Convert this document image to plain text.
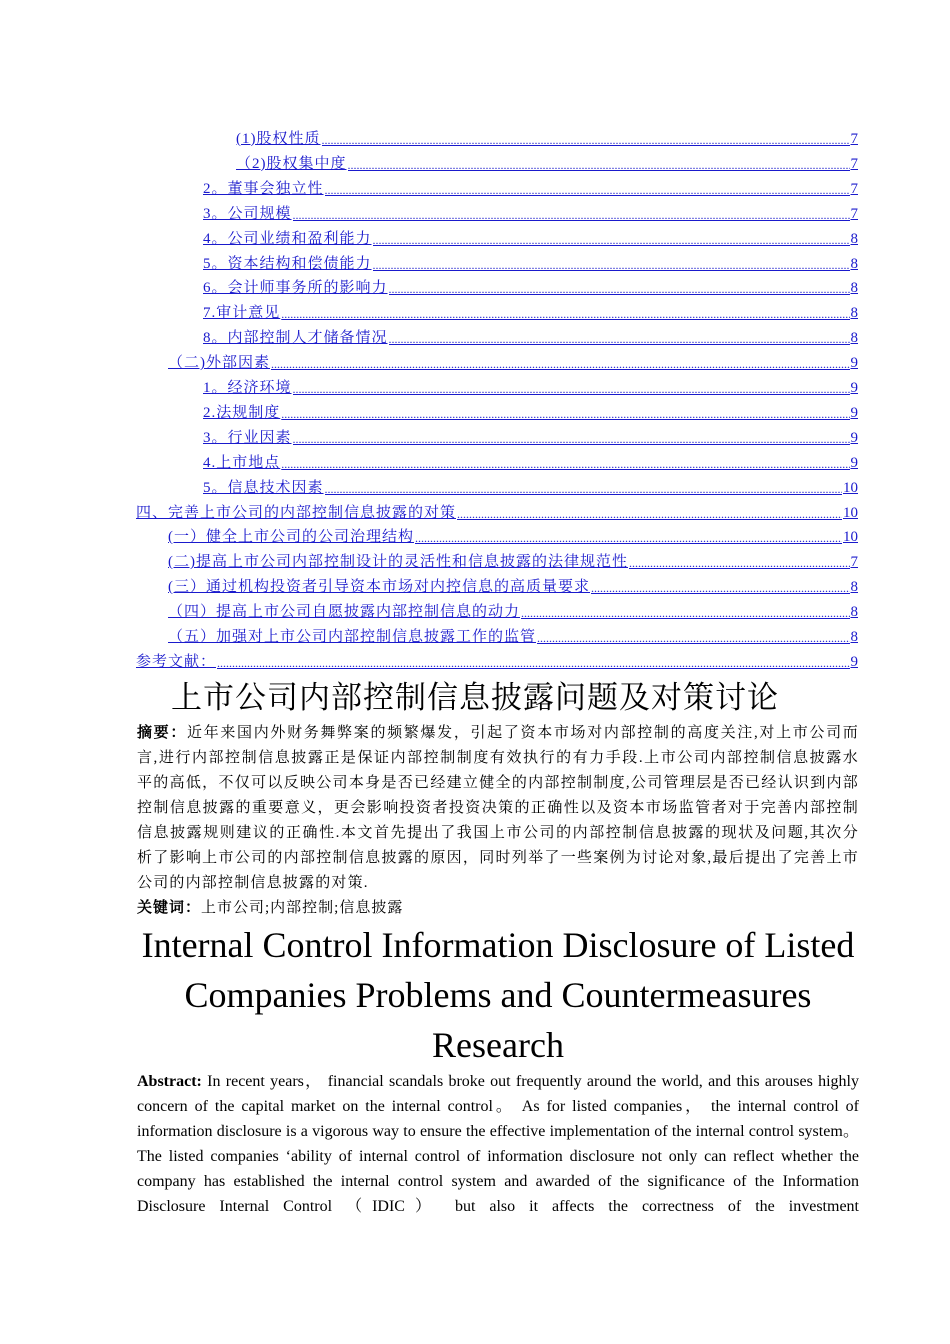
(1)股权性质 .....	7
（2)股权集中度 .....	7
2。董事会独立性 .....	7
3。公司规模 .....	7
4。公司业绩和盈利能力 .....	8
5。资本结构和偿债能力 .....	8
6。会计师事务所的影响力 .....	8
7.审计意见 .....	8
8。内部控制人才储备情况 .....	8
（二)外部因素 .....	9
1。经济环境 .....	9
2.法规制度 .....	9
3。行业因素 .....	9
4.上市地点 .....	9
5。信息技术因素 .....	10
四、完善上市公司的内部控制信息披露的对策 .....	10
(一）健全上市公司的公司治理结构 .....	10
(二)提高上市公司内部控制设计的灵活性和信息披露的法律规范性 .....	7
(三）通过机构投资者引导资本市场对内控信息的高质量要求 .....	8
（四）提高上市公司自愿披露内部控制信息的动力 .....	8
（五）加强对上市公司内部控制信息披露工作的监管 .....	8
参考文献： .....	9
上市公司内部控制信息披露问题及对策讨论
摘要：近年来国内外财务舞弊案的频繁爆发，引起了资本市场对内部控制的高度关注,对上市公司而言,进行内部控制信息披露正是保证内部控制制度有效执行的有力手段.上市公司内部控制信息披露水平的高低，不仅可以反映公司本身是否已经建立健全的内部控制制度,公司管理层是否已经认识到内部控制信息披露的重要意义，更会影响投资者投资决策的正确性以及资本市场监管者对于完善内部控制信息披露规则建议的正确性.本文首先提出了我国上市公司的内部控制信息披露的现状及问题,其次分析了影响上市公司的内部控制信息披露的原因，同时列举了一些案例为讨论对象,最后提出了完善上市公司的内部控制信息披露的对策.
关键词：上市公司;内部控制;信息披露
Internal Control Information Disclosure of Listed Companies Problems and Countermeasures Research
Abstract: In recent years， financial scandals broke out frequently around the world, and this arouses highly concern of the capital market on the internal control。 As for listed companies， the internal control of information disclosure is a vigorous way to ensure the effective implementation of the internal control system。 The listed companies ‘ability of internal control of information disclosure not only can reflect whether the company has established the internal control system and awarded of the significance of the Information Disclosure Internal Control （IDIC） but also it affects the correctness of the investment
